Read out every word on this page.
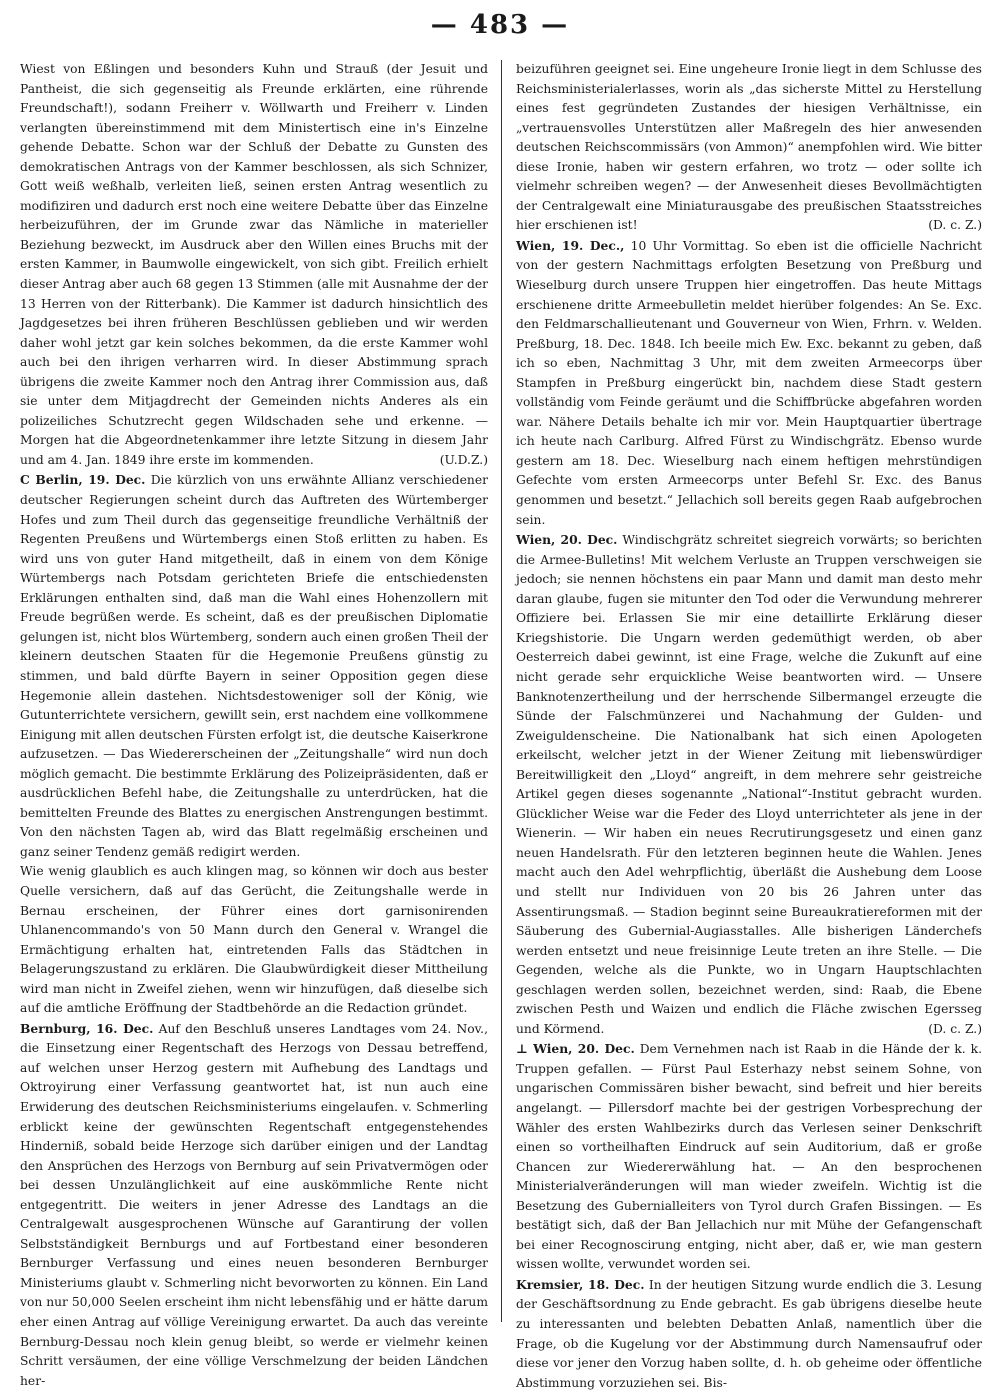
— 483 —

Wiest von Eßlingen und besonders Kuhn und Strauß (der Jesuit und Pantheist, die sich gegenseitig als Freunde erklärten, eine rührende Freundschaft!), sodann Freiherr v. Wöllwarth und Freiherr v. Linden verlangten übereinstimmend mit dem Ministertisch eine in's Einzelne gehende Debatte. Schon war der Schluß der Debatte zu Gunsten des demokratischen Antrags von der Kammer beschlossen, als sich Schnizer, Gott weiß weßhalb, verleiten ließ, seinen ersten Antrag wesentlich zu modifiziren und dadurch erst noch eine weitere Debatte über das Einzelne herbeizuführen, der im Grunde zwar das Nämliche in materieller Beziehung bezweckt, im Ausdruck aber den Willen eines Bruchs mit der ersten Kammer, in Baumwolle eingewickelt, von sich gibt. Freilich erhielt dieser Antrag aber auch 68 gegen 13 Stimmen (alle mit Ausnahme der der 13 Herren von der Ritterbank). Die Kammer ist dadurch hinsichtlich des Jagdgesetzes bei ihren früheren Beschlüssen geblieben und wir werden daher wohl jetzt gar kein solches bekommen, da die erste Kammer wohl auch bei den ihrigen verharren wird. In dieser Abstimmung sprach übrigens die zweite Kammer noch den Antrag ihrer Commission aus, daß sie unter dem Mitjagdrecht der Gemeinden nichts Anderes als ein polizeiliches Schutzrecht gegen Wildschaden sehe und erkenne. — Morgen hat die Abgeordnetenkammer ihre letzte Sitzung in diesem Jahr und am 4. Jan. 1849 ihre erste im kommenden.	(U.D.Z.)

C Berlin, 19. Dec. Die kürzlich von uns erwähnte Allianz verschiedener deutscher Regierungen scheint durch das Auftreten des Würtemberger Hofes und zum Theil durch das gegenseitige freundliche Verhältniß der Regenten Preußens und Würtembergs einen Stoß erlitten zu haben. Es wird uns von guter Hand mitgetheilt, daß in einem von dem Könige Würtembergs nach Potsdam gerichteten Briefe die entschiedensten Erklärungen enthalten sind, daß man die Wahl eines Hohenzollern mit Freude begrüßen werde. Es scheint, daß es der preußischen Diplomatie gelungen ist, nicht blos Würtemberg, sondern auch einen großen Theil der kleinern deutschen Staaten für die Hegemonie Preußens günstig zu stimmen, und bald dürfte Bayern in seiner Opposition gegen diese Hegemonie allein dastehen. Nichtsdestoweniger soll der König, wie Gutunterrichtete versichern, gewillt sein, erst nachdem eine vollkommene Einigung mit allen deutschen Fürsten erfolgt ist, die deutsche Kaiserkrone aufzusetzen. — Das Wiedererscheinen der „Zeitungshalle“ wird nun doch möglich gemacht. Die bestimmte Erklärung des Polizeipräsidenten, daß er ausdrücklichen Befehl habe, die Zeitungshalle zu unterdrücken, hat die bemittelten Freunde des Blattes zu energischen Anstrengungen bestimmt. Von den nächsten Tagen ab, wird das Blatt regelmäßig erscheinen und ganz seiner Tendenz gemäß redigirt werden.

Wie wenig glaublich es auch klingen mag, so können wir doch aus bester Quelle versichern, daß auf das Gerücht, die Zeitungshalle werde in Bernau erscheinen, der Führer eines dort garnisonirenden Uhlanencommando's von 50 Mann durch den General v. Wrangel die Ermächtigung erhalten hat, eintretenden Falls das Städtchen in Belagerungszustand zu erklären. Die Glaubwürdigkeit dieser Mittheilung wird man nicht in Zweifel ziehen, wenn wir hinzufügen, daß dieselbe sich auf die amtliche Eröffnung der Stadtbehörde an die Redaction gründet.

Bernburg, 16. Dec. Auf den Beschluß unseres Landtages vom 24. Nov., die Einsetzung einer Regentschaft des Herzogs von Dessau betreffend, auf welchen unser Herzog gestern mit Aufhebung des Landtags und Oktroyirung einer Verfassung geantwortet hat, ist nun auch eine Erwiderung des deutschen Reichsministeriums eingelaufen. v. Schmerling erblickt keine der gewünschten Regentschaft entgegenstehendes Hinderniß, sobald beide Herzoge sich darüber einigen und der Landtag den Ansprüchen des Herzogs von Bernburg auf sein Privatvermögen oder bei dessen Unzulänglichkeit auf eine auskömmliche Rente nicht entgegentritt. Die weiters in jener Adresse des Landtags an die Centralgewalt ausgesprochenen Wünsche auf Garantirung der vollen Selbstständigkeit Bernburgs und auf Fortbestand einer besonderen Bernburger Verfassung und eines neuen besonderen Bernburger Ministeriums glaubt v. Schmerling nicht bevorworten zu können. Ein Land von nur 50,000 Seelen erscheint ihm nicht lebensfähig und er hätte darum eher einen Antrag auf völlige Vereinigung erwartet. Da auch das vereinte Bernburg-Dessau noch klein genug bleibt, so werde er vielmehr keinen Schritt versäumen, der eine völlige Verschmelzung der beiden Ländchen her-

beizuführen geeignet sei. Eine ungeheure Ironie liegt in dem Schlusse des Reichsministerialerlasses, worin als „das sicherste Mittel zu Herstellung eines fest gegründeten Zustandes der hiesigen Verhältnisse, ein „vertrauensvolles Unterstützen aller Maßregeln des hier anwesenden deutschen Reichscommissärs (von Ammon)“ anempfohlen wird. Wie bitter diese Ironie, haben wir gestern erfahren, wo trotz — oder sollte ich vielmehr schreiben wegen? — der Anwesenheit dieses Bevollmächtigten der Centralgewalt eine Miniaturausgabe des preußischen Staatsstreiches hier erschienen ist!	(D. c. Z.)

Wien, 19. Dec., 10 Uhr Vormittag. So eben ist die officielle Nachricht von der gestern Nachmittags erfolgten Besetzung von Preßburg und Wieselburg durch unsere Truppen hier eingetroffen. Das heute Mittags erschienene dritte Armeebulletin meldet hierüber folgendes: An Se. Exc. den Feldmarschallieutenant und Gouverneur von Wien, Frhrn. v. Welden. Preßburg, 18. Dec. 1848. Ich beeile mich Ew. Exc. bekannt zu geben, daß ich so eben, Nachmittag 3 Uhr, mit dem zweiten Armeecorps über Stampfen in Preßburg eingerückt bin, nachdem diese Stadt gestern vollständig vom Feinde geräumt und die Schiffbrücke abgefahren worden war. Nähere Details behalte ich mir vor. Mein Hauptquartier übertrage ich heute nach Carlburg. Alfred Fürst zu Windischgrätz. Ebenso wurde gestern am 18. Dec. Wieselburg nach einem heftigen mehrstündigen Gefechte vom ersten Armeecorps unter Befehl Sr. Exc. des Banus genommen und besetzt.“ Jellachich soll bereits gegen Raab aufgebrochen sein.

Wien, 20. Dec. Windischgrätz schreitet siegreich vorwärts; so berichten die Armee-Bulletins! Mit welchem Verluste an Truppen verschweigen sie jedoch; sie nennen höchstens ein paar Mann und damit man desto mehr daran glaube, fugen sie mitunter den Tod oder die Verwundung mehrerer Offiziere bei. Erlassen Sie mir eine detaillirte Erklärung dieser Kriegshistorie. Die Ungarn werden gedemüthigt werden, ob aber Oesterreich dabei gewinnt, ist eine Frage, welche die Zukunft auf eine nicht gerade sehr erquickliche Weise beantworten wird. — Unsere Banknotenzertheilung und der herrschende Silbermangel erzeugte die Sünde der Falschmünzerei und Nachahmung der Gulden- und Zweiguldenscheine. Die Nationalbank hat sich einen Apologeten erkeilscht, welcher jetzt in der Wiener Zeitung mit liebenswürdiger Bereitwilligkeit den „Lloyd“ angreift, in dem mehrere sehr geistreiche Artikel gegen dieses sogenannte „National“-Institut gebracht wurden. Glücklicher Weise war die Feder des Lloyd unterrichteter als jene in der Wienerin. — Wir haben ein neues Recrutirungsgesetz und einen ganz neuen Handelsrath. Für den letzteren beginnen heute die Wahlen. Jenes macht auch den Adel wehrpflichtig, überläßt die Aushebung dem Loose und stellt nur Individuen von 20 bis 26 Jahren unter das Assentirungsmaß. — Stadion beginnt seine Bureaukratiereformen mit der Säuberung des Gubernial-Augiasstalles. Alle bisherigen Länderchefs werden entsetzt und neue freisinnige Leute treten an ihre Stelle. — Die Gegenden, welche als die Punkte, wo in Ungarn Hauptschlachten geschlagen werden sollen, bezeichnet werden, sind: Raab, die Ebene zwischen Pesth und Waizen und endlich die Fläche zwischen Egersseg und Körmend.	(D. c. Z.)

⊥ Wien, 20. Dec. Dem Vernehmen nach ist Raab in die Hände der k. k. Truppen gefallen. — Fürst Paul Esterhazy nebst seinem Sohne, von ungarischen Commissären bisher bewacht, sind befreit und hier bereits angelangt. — Pillersdorf machte bei der gestrigen Vorbesprechung der Wähler des ersten Wahlbezirks durch das Verlesen seiner Denkschrift einen so vortheilhaften Eindruck auf sein Auditorium, daß er große Chancen zur Wiedererwählung hat. — An den besprochenen Ministerialveränderungen will man wieder zweifeln. Wichtig ist die Besetzung des Gubernialleiters von Tyrol durch Grafen Bissingen. — Es bestätigt sich, daß der Ban Jellachich nur mit Mühe der Gefangenschaft bei einer Recognoscirung entging, nicht aber, daß er, wie man gestern wissen wollte, verwundet worden sei.

Kremsier, 18. Dec. In der heutigen Sitzung wurde endlich die 3. Lesung der Geschäftsordnung zu Ende gebracht. Es gab übrigens dieselbe heute zu interessanten und belebten Debatten Anlaß, namentlich über die Frage, ob die Kugelung vor der Abstimmung durch Namensaufruf oder diese vor jener den Vorzug haben sollte, d. h. ob geheime oder öffentliche Abstimmung vorzuziehen sei. Bis-
